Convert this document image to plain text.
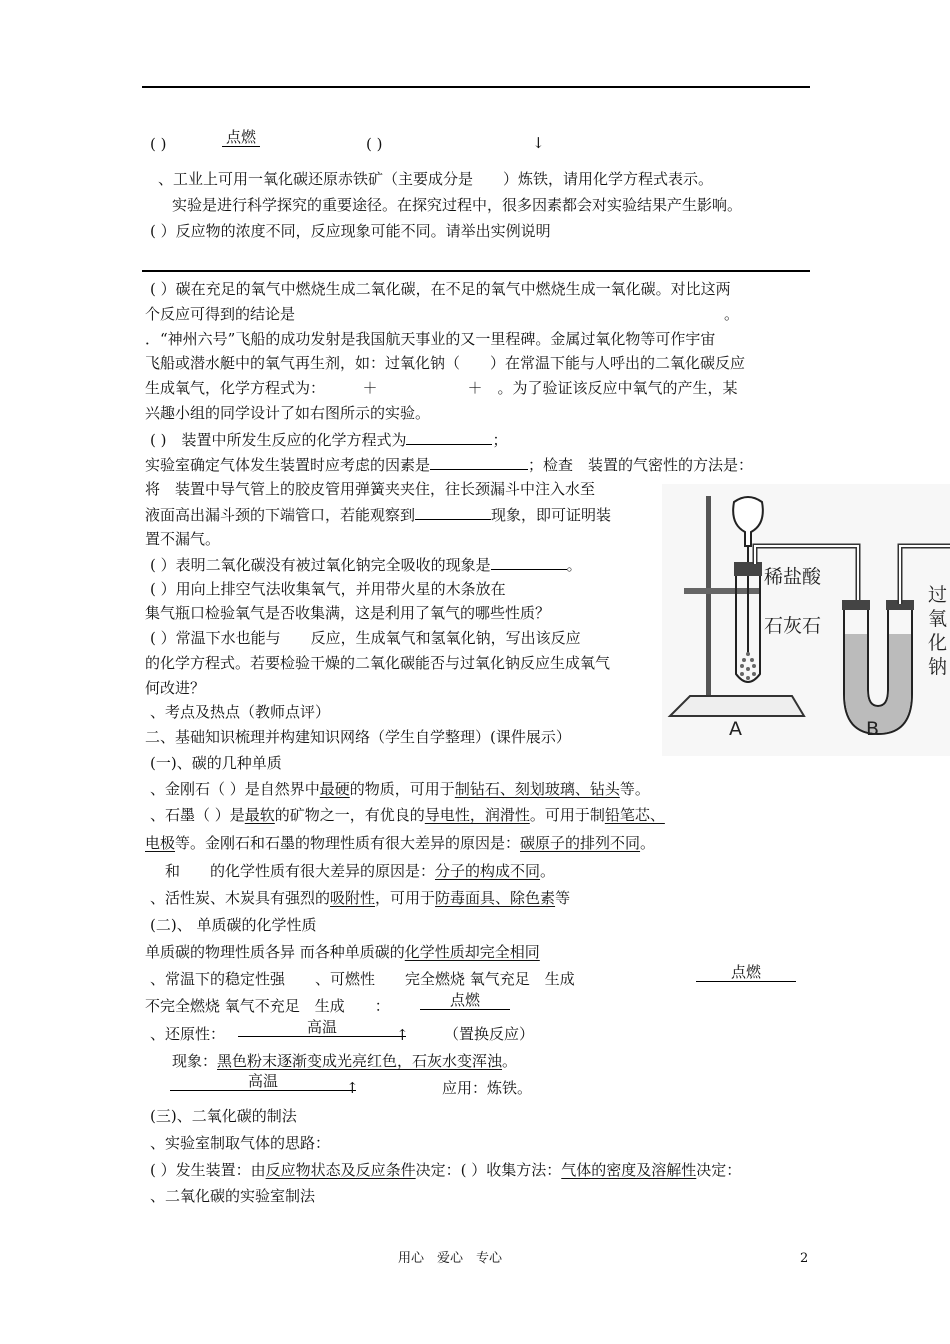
( )	点燃	( )	↓
、工业上可用一氧化碳还原赤铁矿（主要成分是　　）炼铁，请用化学方程式表示。
实验是进行科学探究的重要途径。在探究过程中，很多因素都会对实验结果产生影响。
( ）反应物的浓度不同，反应现象可能不同。请举出实例说明
( ）碳在充足的氧气中燃烧生成二氧化碳，在不足的氧气中燃烧生成一氧化碳。对比这两
个反应可得到的结论是	。
．“神州六号”飞船的成功发射是我国航天事业的又一里程碑。金属过氧化物等可作宇宙
飞船或潜水艇中的氧气再生剂，如：过氧化钠（　　）在常温下能与人呼出的二氧化碳反应
生成氧气，化学方程式为：　　　＋　　　　　　＋　。为了验证该反应中氧气的产生，某
兴趣小组的同学设计了如右图所示的实验。
( )　装置中所发生反应的化学方程式为	；
实验室确定气体发生装置时应考虑的因素是	；检查　装置的气密性的方法是：
将　装置中导气管上的胶皮管用弹簧夹夹住，往长颈漏斗中注入水至
液面高出漏斗颈的下端管口，若能观察到	现象，即可证明装
置不漏气。
( ）表明二氧化碳没有被过氧化钠完全吸收的现象是	。
( ）用向上排空气法收集氧气，并用带火星的木条放在
集气瓶口检验氧气是否收集满，这是利用了氧气的哪些性质？
( ）常温下水也能与　　反应，生成氧气和氢氧化钠，写出该反应
的化学方程式。若要检验干燥的二氧化碳能否与过氧化钠反应生成氧气
何改进？
稀盐酸
石灰石
过
氧
化
钠
A	B
、考点及热点（教师点评）
二、基础知识梳理并构建知识网络（学生自学整理）(课件展示）
(一)、碳的几种单质
、金刚石（ ）是自然界中最硬的物质，可用于制钻石、刻划玻璃、钻头等。
、石墨（ ）是最软的矿物之一，有优良的导电性，润滑性。可用于制铅笔芯、
电极等。金刚石和石墨的物理性质有很大差异的原因是：碳原子的排列不同。
和　　的化学性质有很大差异的原因是：分子的构成不同。
、活性炭、木炭具有强烈的吸附性，可用于防毒面具、除色素等
(二)、 单质碳的化学性质
单质碳的物理性质各异 而各种单质碳的化学性质却完全相同
、常温下的稳定性强　　、可燃性　　完全燃烧 氧气充足　生成	点燃
不完全燃烧 氧气不充足　生成　　：	点燃
、还原性：	高温	↑ （置换反应）
现象：黑色粉末逐渐变成光亮红色，石灰水变浑浊。
高温	↑	应用：炼铁。
(三)、二氧化碳的制法
、实验室制取气体的思路：
( ）发生装置：由反应物状态及反应条件决定：( ）收集方法：气体的密度及溶解性决定：
、二氧化碳的实验室制法
用心　爱心　专心	2
